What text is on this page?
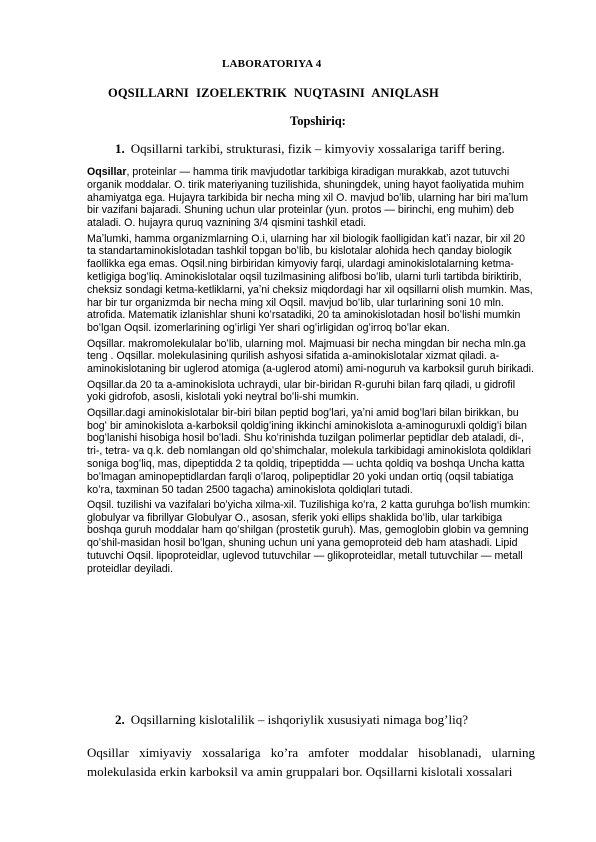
LABORATORIYA 4
OQSILLARNI IZOELEKTRIK NUQTASINI ANIQLASH
Topshiriq:
1. Oqsillarni tarkibi, strukturasi, fizik – kimyoviy xossalariga tariff bering.

Oqsillar, proteinlar — hamma tirik mavjudotlar tarkibiga kiradigan murakkab, azot tutuvchi organik moddalar. O. tirik materiyaning tuzilishida, shuningdek, uning hayot faoliyatida muhim ahamiyatga ega. Hujayra tarkibida bir necha ming xil O. mavjud boʻlib, ularning har biri maʼlum bir vazifani bajaradi. Shuning uchun ular proteinlar (yun. protos — birinchi, eng muhim) deb ataladi. O. hujayra quruq vaznining 3/4 qismini tashkil etadi.

Maʼlumki, hamma organizmlarning O.i, ularning har xil biologik faolligidan katʼi nazar, bir xil 20 ta standartaminokislotadan tashkil topgan boʻlib, bu kislotalar alohida hech qanday biologik faollikka ega emas. Oqsil.ning birbiridan kimyoviy farqi, ulardagi aminokislotalarning ketma-ketligiga bogʻliq. Aminokislotalar oqsil tuzilmasining alifbosi boʻlib, ularni turli tartibda biriktirib, cheksiz sondagi ketma-ketliklarni, yaʼni cheksiz miqdordagi har xil oqsillarni olish mumkin. Mas, har bir tur organizmda bir necha ming xil Oqsil. mavjud boʻlib, ular turlarining soni 10 mln. atrofida. Matematik izlanishlar shuni koʻrsatadiki, 20 ta aminokislotadan hosil boʻlishi mumkin boʻlgan Oqsil. izomerlarining ogʻirligi Yer shari ogʻirligidan ogʻirroq boʻlar ekan.

Oqsillar. makromolekulalar boʻlib, ularning mol. Majmuasi bir necha mingdan bir necha mln.ga teng . Oqsillar. molekulasining qurilish ashyosi sifatida a-aminokislotalar xizmat qiladi. a-aminokislotaning bir uglerod atomiga (a-uglerod atomi) ami-noguruh va karboksil guruh birikadi.

Oqsillar.da 20 ta a-aminokislota uchraydi, ular bir-biridan R-guruhi bilan farq qiladi, u gidrofil yoki gidrofob, asosli, kislotali yoki neytral boʻli-shi mumkin.

Oqsillar.dagi aminokislotalar bir-biri bilan peptid bogʻlari, yaʼni amid bogʻlari bilan birikkan, bu bogʻ bir aminokislota a-karboksil qoldigʻining ikkinchi aminokislota a-aminoguruxli qoldigʻi bilan bogʻlanishi hisobiga hosil boʻladi. Shu koʻrinishda tuzilgan polimerlar peptidlar deb ataladi, di-, tri-, tetra- va q.k. deb nomlangan old qoʻshimchalar, molekula tarkibidagi aminokislota qoldiklari soniga bogʻliq, mas, dipeptidda 2 ta qoldiq, tripeptidda — uchta qoldiq va boshqa Uncha katta boʻlmagan aminopeptidlardan farqli oʻlaroq, polipeptidlar 20 yoki undan ortiq (oqsil tabiatiga koʻra, taxminan 50 tadan 2500 tagacha) aminokislota qoldiqlari tutadi.

Oqsil. tuzilishi va vazifalari boʻyicha xilma-xil. Tuzilishiga koʻra, 2 katta guruhga boʻlish mumkin: globulyar va fibrillyar Globulyar O., asosan, sferik yoki ellips shaklida boʻlib, ular tarkibiga boshqa guruh moddalar ham qoʻshilgan (prostetik guruh). Mas, gemoglobin globin va gemning qoʻshil-masidan hosil boʻlgan, shuning uchun uni yana gemoproteid deb ham atashadi. Lipid tutuvchi Oqsil. lipoproteidlar, uglevod tutuvchilar — glikoproteidlar, metall tutuvchilar — metall proteidlar deyiladi.

2. Oqsillarning kislotalilik – ishqoriylik xususiyati nimaga bogʼliq?
Oqsillar ximiyaviy xossalariga koʼra amfoter moddalar hisoblanadi, ularning molekulasida erkin karboksil va amin gruppalari bor. Oqsillarni kislotali xossalari
